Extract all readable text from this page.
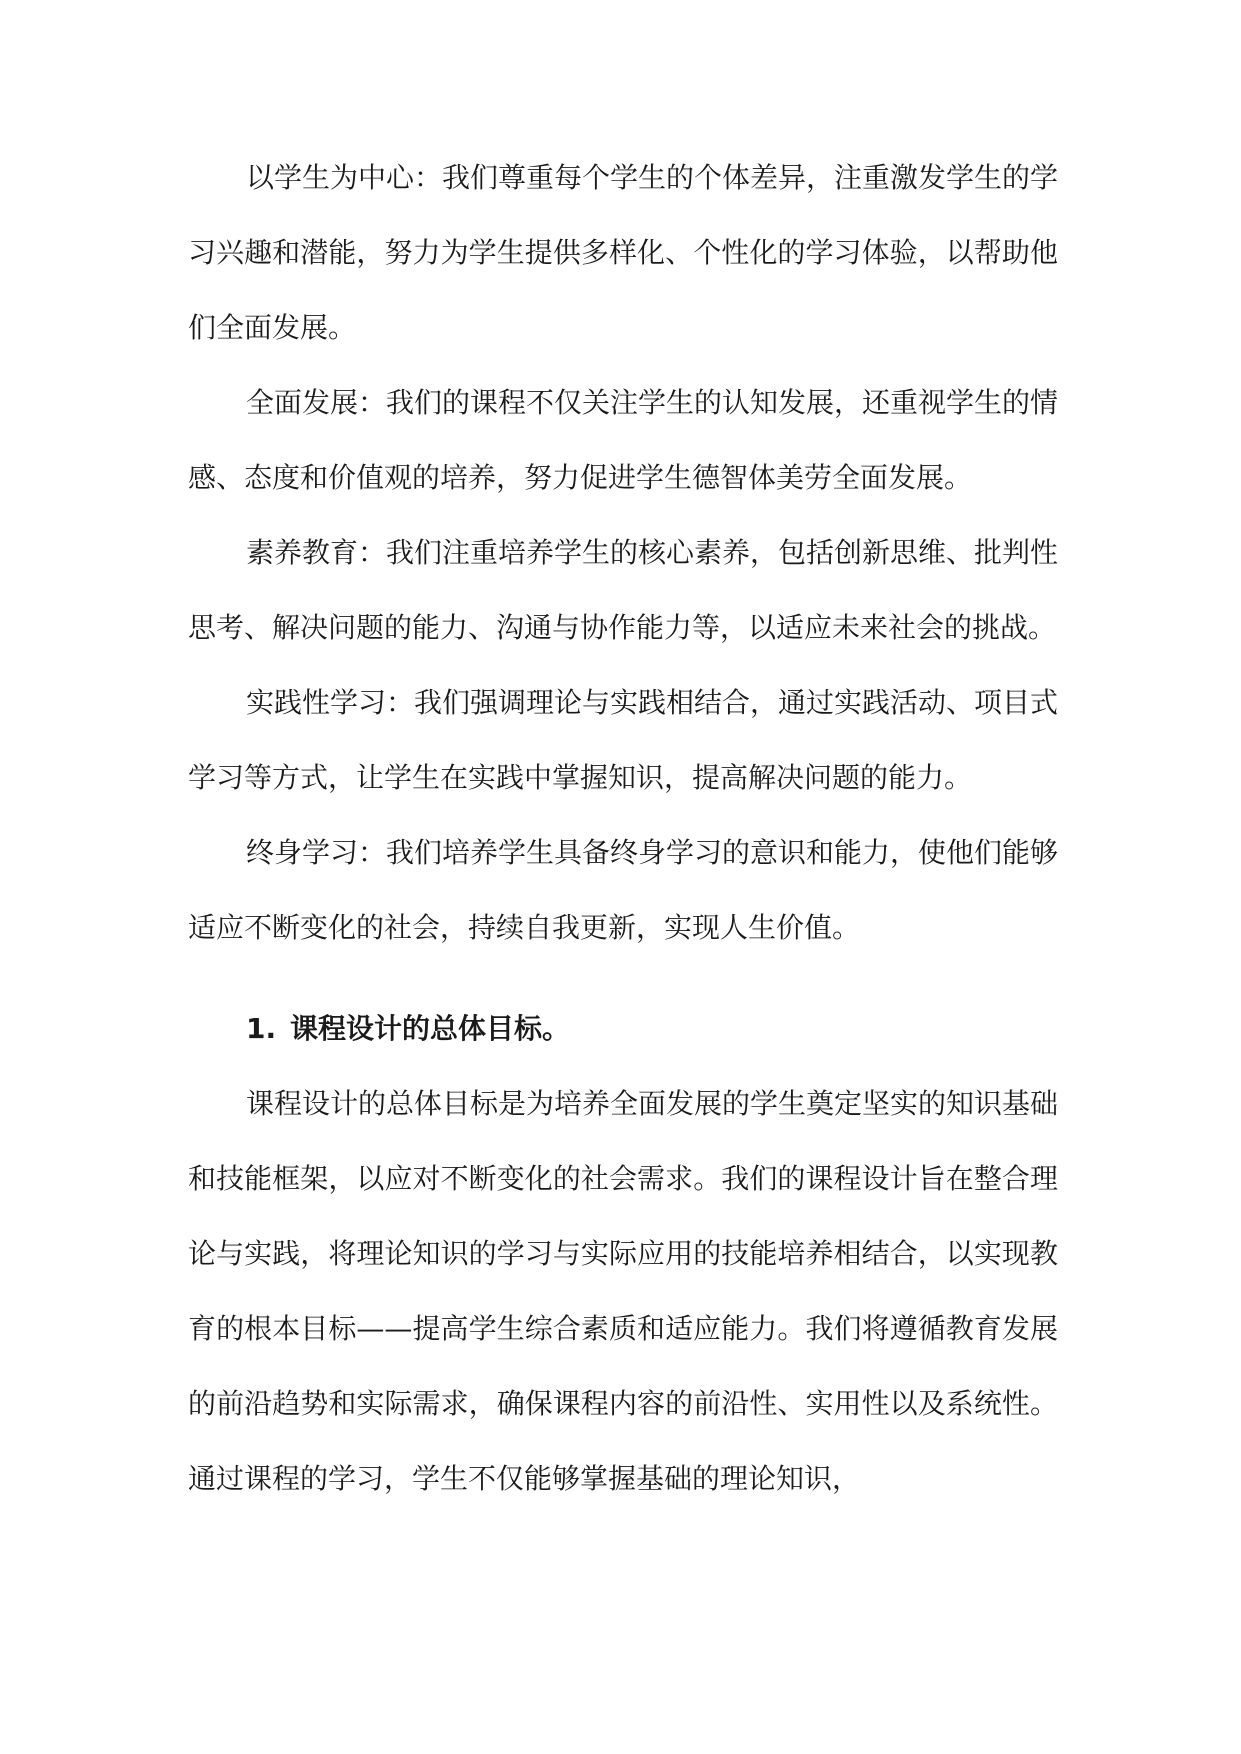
以学生为中心：我们尊重每个学生的个体差异，注重激发学生的学习兴趣和潜能，努力为学生提供多样化、个性化的学习体验，以帮助他们全面发展。

全面发展：我们的课程不仅关注学生的认知发展，还重视学生的情感、态度和价值观的培养，努力促进学生德智体美劳全面发展。

素养教育：我们注重培养学生的核心素养，包括创新思维、批判性思考、解决问题的能力、沟通与协作能力等，以适应未来社会的挑战。

实践性学习：我们强调理论与实践相结合，通过实践活动、项目式学习等方式，让学生在实践中掌握知识，提高解决问题的能力。

终身学习：我们培养学生具备终身学习的意识和能力，使他们能够适应不断变化的社会，持续自我更新，实现人生价值。

1. 课程设计的总体目标。

课程设计的总体目标是为培养全面发展的学生奠定坚实的知识基础和技能框架，以应对不断变化的社会需求。我们的课程设计旨在整合理论与实践，将理论知识的学习与实际应用的技能培养相结合，以实现教育的根本目标——提高学生综合素质和适应能力。我们将遵循教育发展的前沿趋势和实际需求，确保课程内容的前沿性、实用性以及系统性。通过课程的学习，学生不仅能够掌握基础的理论知识，
